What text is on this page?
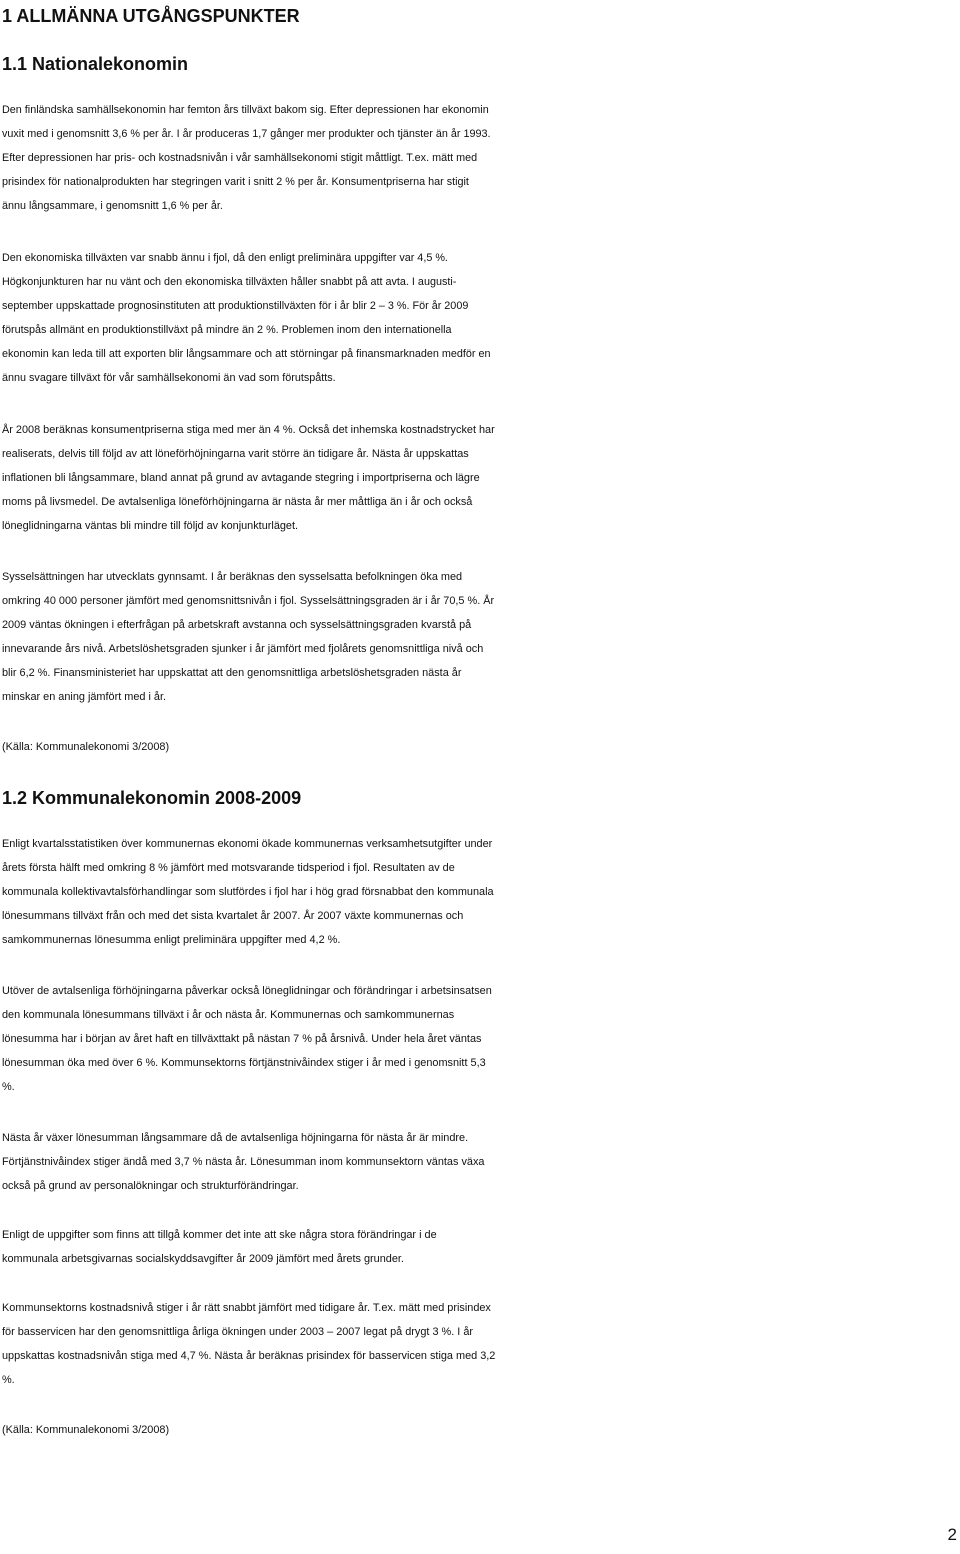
1 ALLMÄNNA UTGÅNGSPUNKTER
1.1 Nationalekonomin
Den finländska samhällsekonomin har femton års tillväxt bakom sig. Efter depressionen har ekonomin
vuxit med i genomsnitt 3,6 % per år. I år produceras 1,7 gånger mer produkter och tjänster än år 1993.
Efter depressionen har pris- och kostnadsnivån i vår samhällsekonomi stigit måttligt. T.ex. mätt med
prisindex för nationalprodukten har stegringen varit i snitt 2 % per år. Konsumentpriserna har stigit
ännu långsammare, i genomsnitt 1,6 % per år.
Den ekonomiska tillväxten var snabb ännu i fjol, då den enligt preliminära uppgifter var 4,5 %.
Högkonjunkturen har nu vänt och den ekonomiska tillväxten håller snabbt på att avta. I augusti-
september uppskattade prognosinstituten att produktionstillväxten för i år blir 2 – 3 %. För år 2009
förutspås allmänt en produktionstillväxt på mindre än 2 %. Problemen inom den internationella
ekonomin kan leda till att exporten blir långsammare och att störningar på finansmarknaden medför en
ännu svagare tillväxt för vår samhällsekonomi än vad som förutspåtts.
År 2008 beräknas konsumentpriserna stiga med mer än 4 %. Också det inhemska kostnadstrycket har
realiserats, delvis till följd av att löneförhöjningarna varit större än tidigare år. Nästa år uppskattas
inflationen bli långsammare, bland annat på grund av avtagande stegring i importpriserna och lägre
moms på livsmedel. De avtalsenliga löneförhöjningarna är nästa år mer måttliga än i år och också
löneglidningarna väntas bli mindre till följd av konjunkturläget.
Sysselsättningen har utvecklats gynnsamt. I år beräknas den sysselsatta befolkningen öka med
omkring 40 000 personer jämfört med genomsnittsnivån i fjol. Sysselsättningsgraden är i år 70,5 %. År
2009 väntas ökningen i efterfrågan på arbetskraft avstanna och sysselsättningsgraden kvarstå på
innevarande års nivå. Arbetslöshetsgraden sjunker i år jämfört med fjolårets genomsnittliga nivå och
blir 6,2 %. Finansministeriet har uppskattat att den genomsnittliga arbetslöshetsgraden nästa år
minskar en aning jämfört med i år.
(Källa: Kommunalekonomi 3/2008)
1.2 Kommunalekonomin 2008-2009
Enligt kvartalsstatistiken över kommunernas ekonomi ökade kommunernas verksamhetsutgifter under
årets första hälft med omkring 8 % jämfört med motsvarande tidsperiod i fjol. Resultaten av de
kommunala kollektivavtalsförhandlingar som slutfördes i fjol har i hög grad försnabbat den kommunala
lönesummans tillväxt från och med det sista kvartalet år 2007. År 2007 växte kommunernas och
samkommunernas lönesumma enligt preliminära uppgifter med 4,2 %.
Utöver de avtalsenliga förhöjningarna påverkar också löneglidningar och förändringar i arbetsinsatsen
den kommunala lönesummans tillväxt i år och nästa år. Kommunernas och samkommunernas
lönesumma har i början av året haft en tillväxttakt på nästan 7 % på årsnivå. Under hela året väntas
lönesumman öka med över 6 %. Kommunsektorns förtjänstnivåindex stiger i år med i genomsnitt 5,3
%.
Nästa år växer lönesumman långsammare då de avtalsenliga höjningarna för nästa år är mindre.
Förtjänstnivåindex stiger ändå med 3,7 % nästa år. Lönesumman inom kommunsektorn väntas växa
också på grund av personalökningar och strukturförändringar.
Enligt de uppgifter som finns att tillgå kommer det inte att ske några stora förändringar i de
kommunala arbetsgivarnas socialskyddsavgifter år 2009 jämfört med årets grunder.
Kommunsektorns kostnadsnivå stiger i år rätt snabbt jämfört med tidigare år. T.ex. mätt med prisindex
för basservicen har den genomsnittliga årliga ökningen under 2003 – 2007 legat på drygt 3 %. I år
uppskattas kostnadsnivån stiga med 4,7 %. Nästa år beräknas prisindex för basservicen stiga med 3,2
%.
(Källa: Kommunalekonomi 3/2008)

2
